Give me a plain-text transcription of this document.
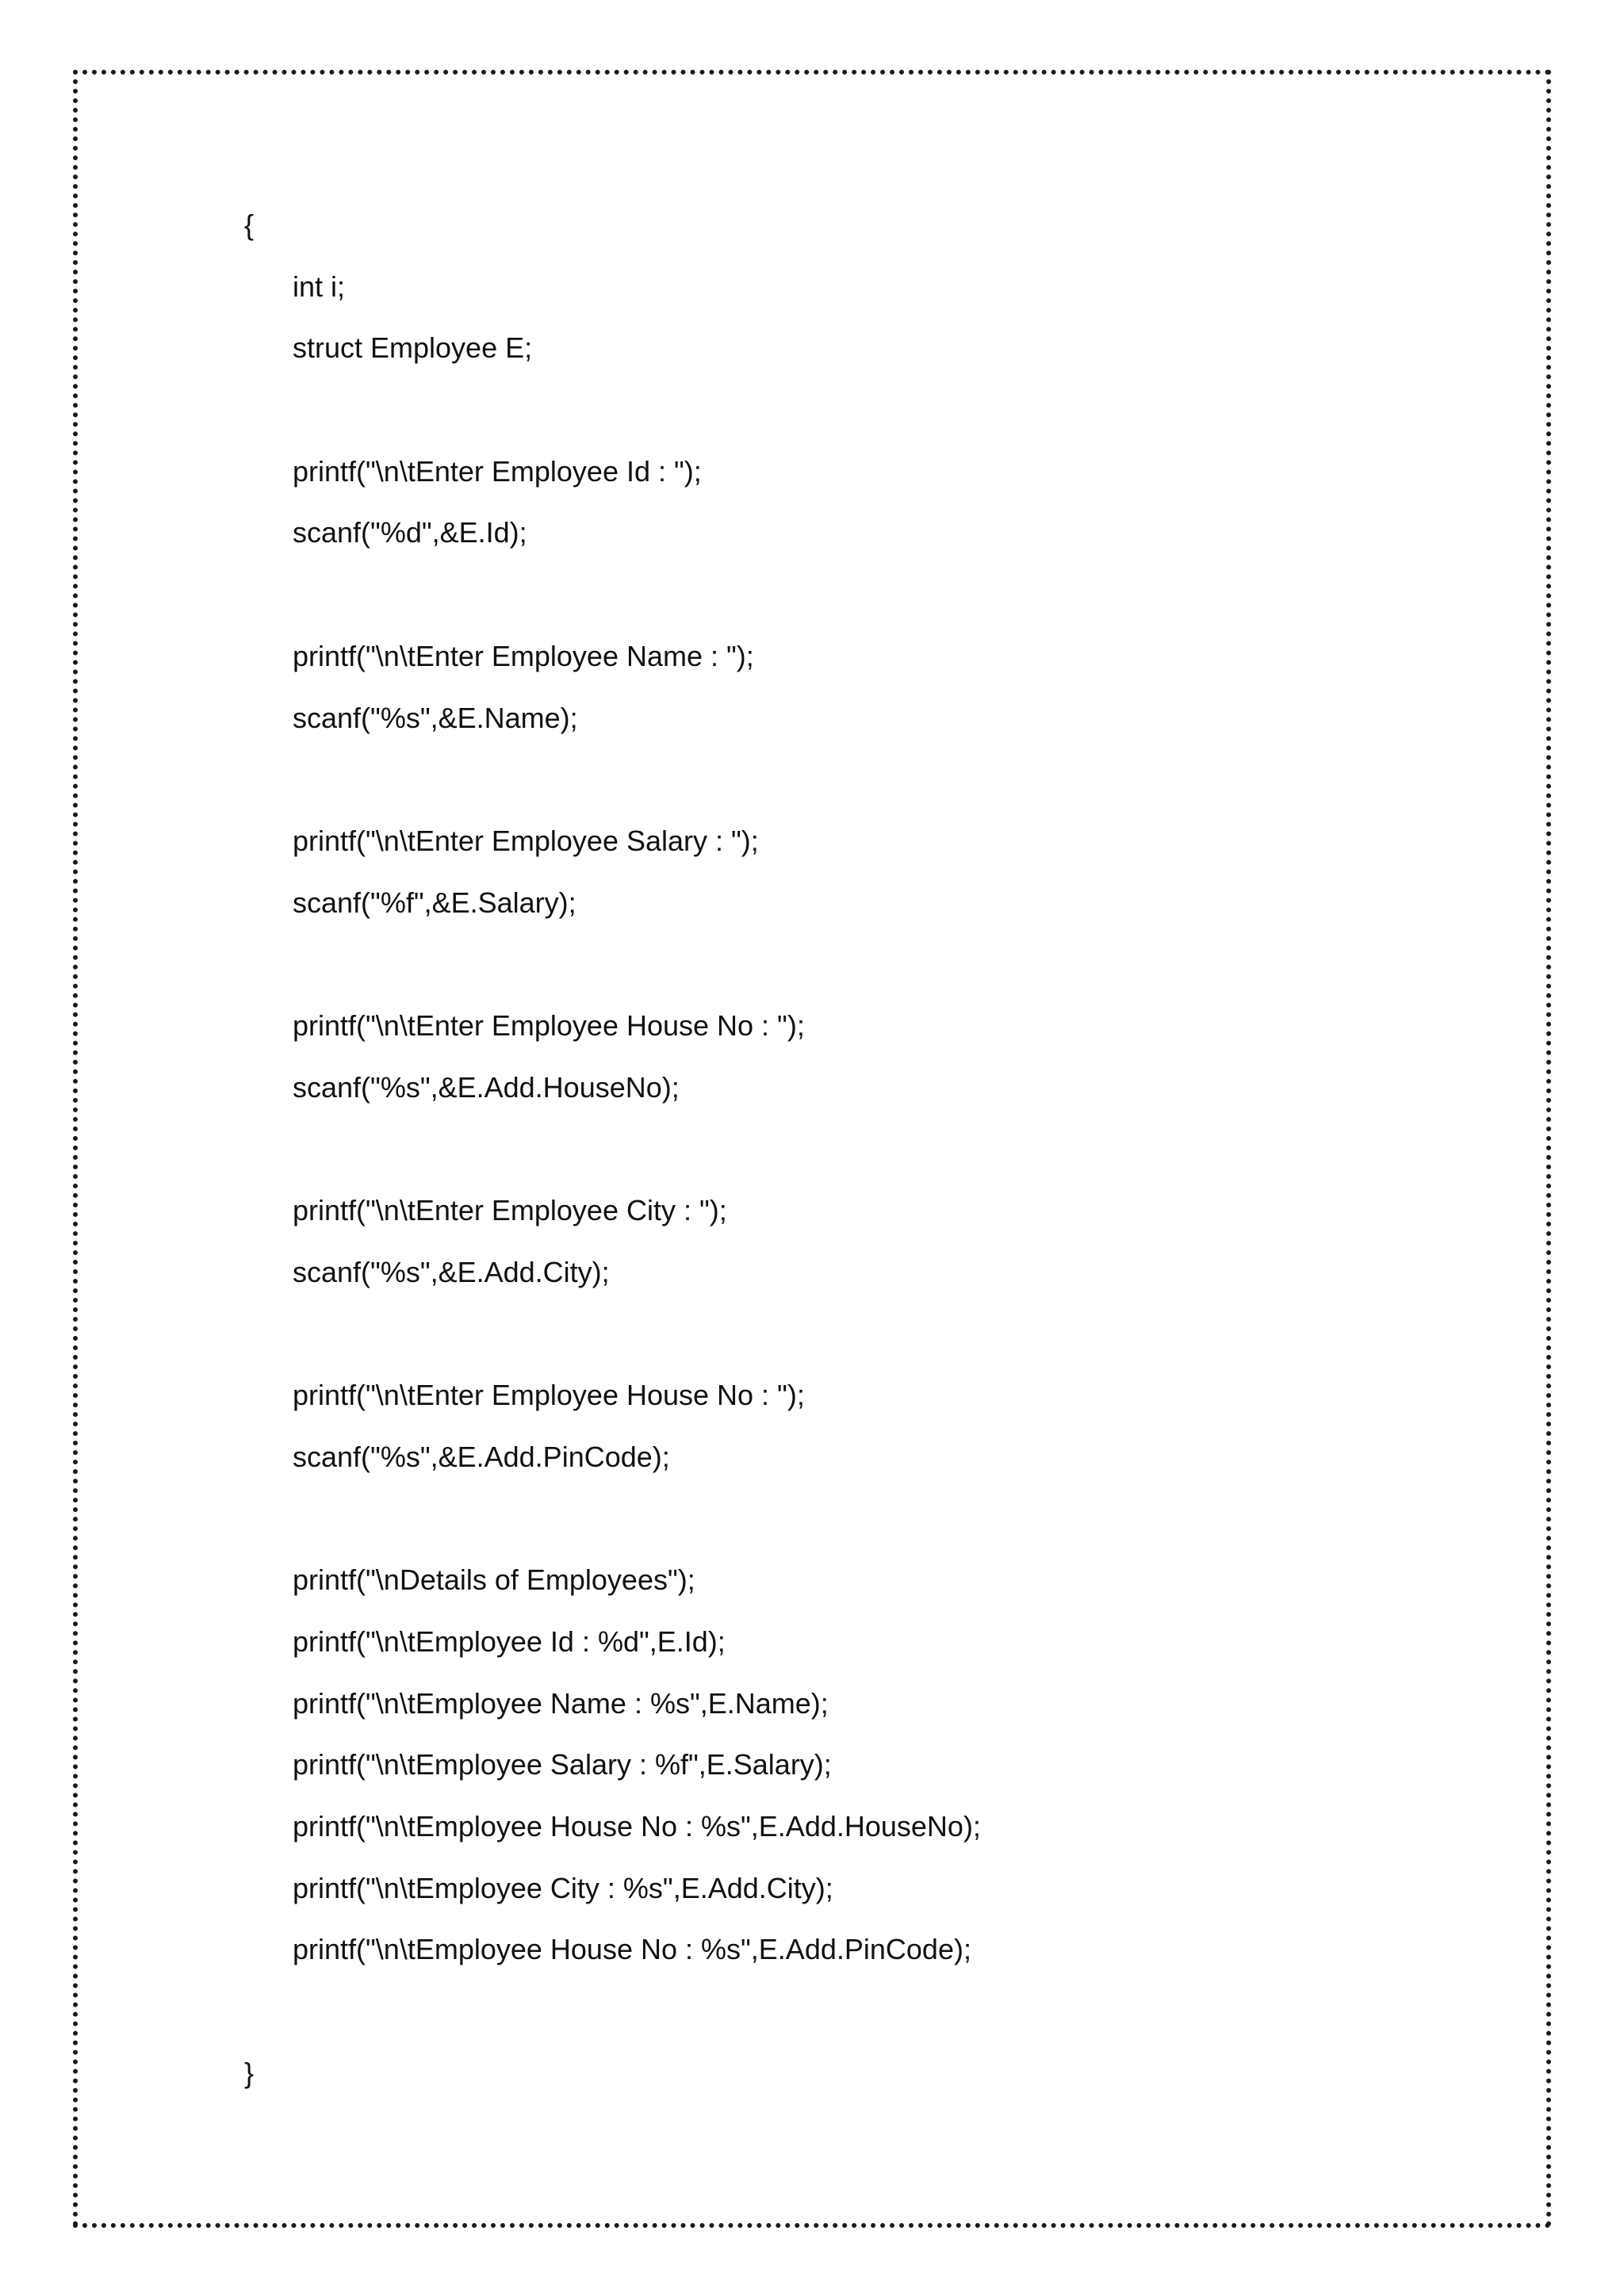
{
int i;
struct Employee E;
printf("\n\tEnter Employee Id : ");
scanf("%d",&E.Id);
printf("\n\tEnter Employee Name : ");
scanf("%s",&E.Name);
printf("\n\tEnter Employee Salary : ");
scanf("%f",&E.Salary);
printf("\n\tEnter Employee House No : ");
scanf("%s",&E.Add.HouseNo);
printf("\n\tEnter Employee City : ");
scanf("%s",&E.Add.City);
printf("\n\tEnter Employee House No : ");
scanf("%s",&E.Add.PinCode);
printf("\nDetails of Employees");
printf("\n\tEmployee Id : %d",E.Id);
printf("\n\tEmployee Name : %s",E.Name);
printf("\n\tEmployee Salary : %f",E.Salary);
printf("\n\tEmployee House No : %s",E.Add.HouseNo);
printf("\n\tEmployee City : %s",E.Add.City);
printf("\n\tEmployee House No : %s",E.Add.PinCode);
}
